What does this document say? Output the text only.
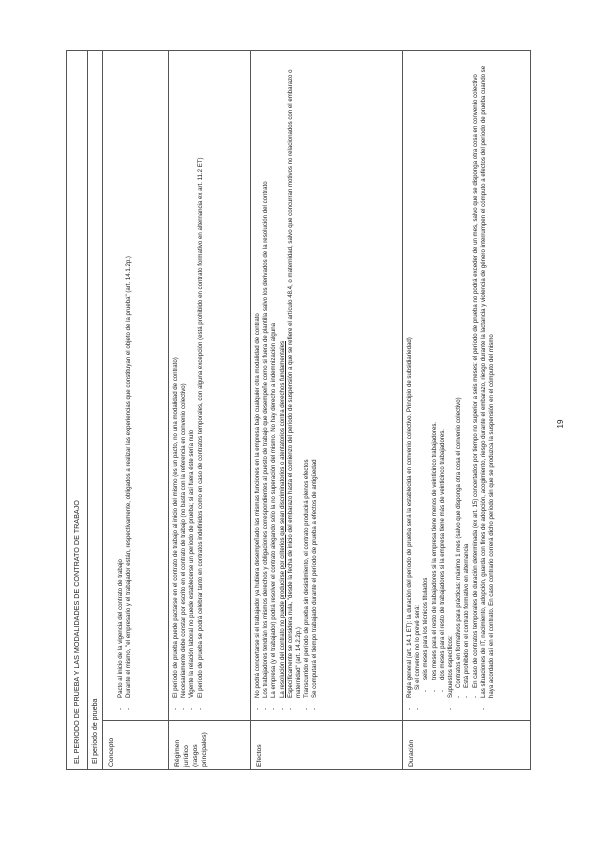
EL PERIODO DE PRUEBA Y LAS MODALIDADES DE CONTRATO DE TRABAJO	El período de prueba	Concepto
- Pacto al inicio de la vigencia del contrato de trabajo - Durante el mismo, "el empresario y el trabajador están, respectivamente, obligados a realizar las experiencias que constituyan el objeto de la prueba" (art. 14.1.2p.)
Régimen jurídico (rasgos principales)
- El período de prueba puede pactarse en el contrato de trabajo al inicio del mismo (es un pacto, no una modalidad de contrato) - Necesariamente debe constar por escrito en el contrato de trabajo (no basta con la referencia en convenio colectivo) - Vigente la relación laboral no puede establecerse un período de prueba; si así fuera éste sería nulo - El período de prueba se podrá celebrar tanto en contratos indefinidos como en caso de contratos temporales, con alguna excepción (está prohibido en contrato formativo en alternancia ex art. 11.2 ET)
Efectos
- No podrá concertarse si el trabajador ya hubiera desempeñado las mismas funciones en la empresa bajo cualquier otra modalidad de contrato - Los trabajadores tendrán los mismos derechos y obligaciones correspondientes al puesto de trabajo que desempeñe como si fuera de plantilla salvo los derivados de la resolución del contrato - La empresa (y el trabajador) podrá resolver el contrato alegando sólo la no superación del mismo. No hay derecho a indemnización alguna - La resolución del contrato no puede producirse por criterios que sean discriminatorios o atentatorios contra derechos fundamentales - Específicamente se considera nula, "desde la fecha de inicio del embarazo hasta el comienzo del período de suspensión a que se refiere el artículo 48.4, o maternidad, salvo que concurran motivos no relacionados con el embarazo o maternidad" (art. 14.2.2p.) - Transcurrido el período de prueba sin desistimiento, el contrato producirá plenos efectos - Se computará el tiempo trabajado durante el período de prueba a efectos de antigüedad
Duración
- Regla general (art. 14.1 ET): la duración del período de prueba será la establecida en convenio colectivo. Principio de subsidiariedad) - Si el convenio no lo prevé será: - seis meses para los técnicos titulados - tres meses para el resto de trabajadores si la empresa tiene menos de veinticinco trabajadores. - dos meses para el resto de trabajadores si la empresa tiene más de veinticinco trabajadores. - Supuestos específicos: - Contratos en formativos para prácticas: máximo 1 mes (salvo que disponga otra cosa el convenio colectivo) - Está prohibido en el contrato formativo en alternancia - En caso de contratos temporales de duración determinada (ex art. 15) concertados por tiempo no superior a seis meses: el período de prueba no podrá exceder de un mes, salvo que se disponga otra cosa en convenio colectivo - Las situaciones de IT, nacimiento, adopción, guarda con fines de adopción, acogimiento, riesgo durante el embarazo, riesgo durante la lactancia y violencia de género interrumpen el cómputo a efectos del período de prueba cuando se haya acordado así en el contrato. En caso contrario correrá dicho período sin que se produzca la suspensión en el cómputo del mismo	19
